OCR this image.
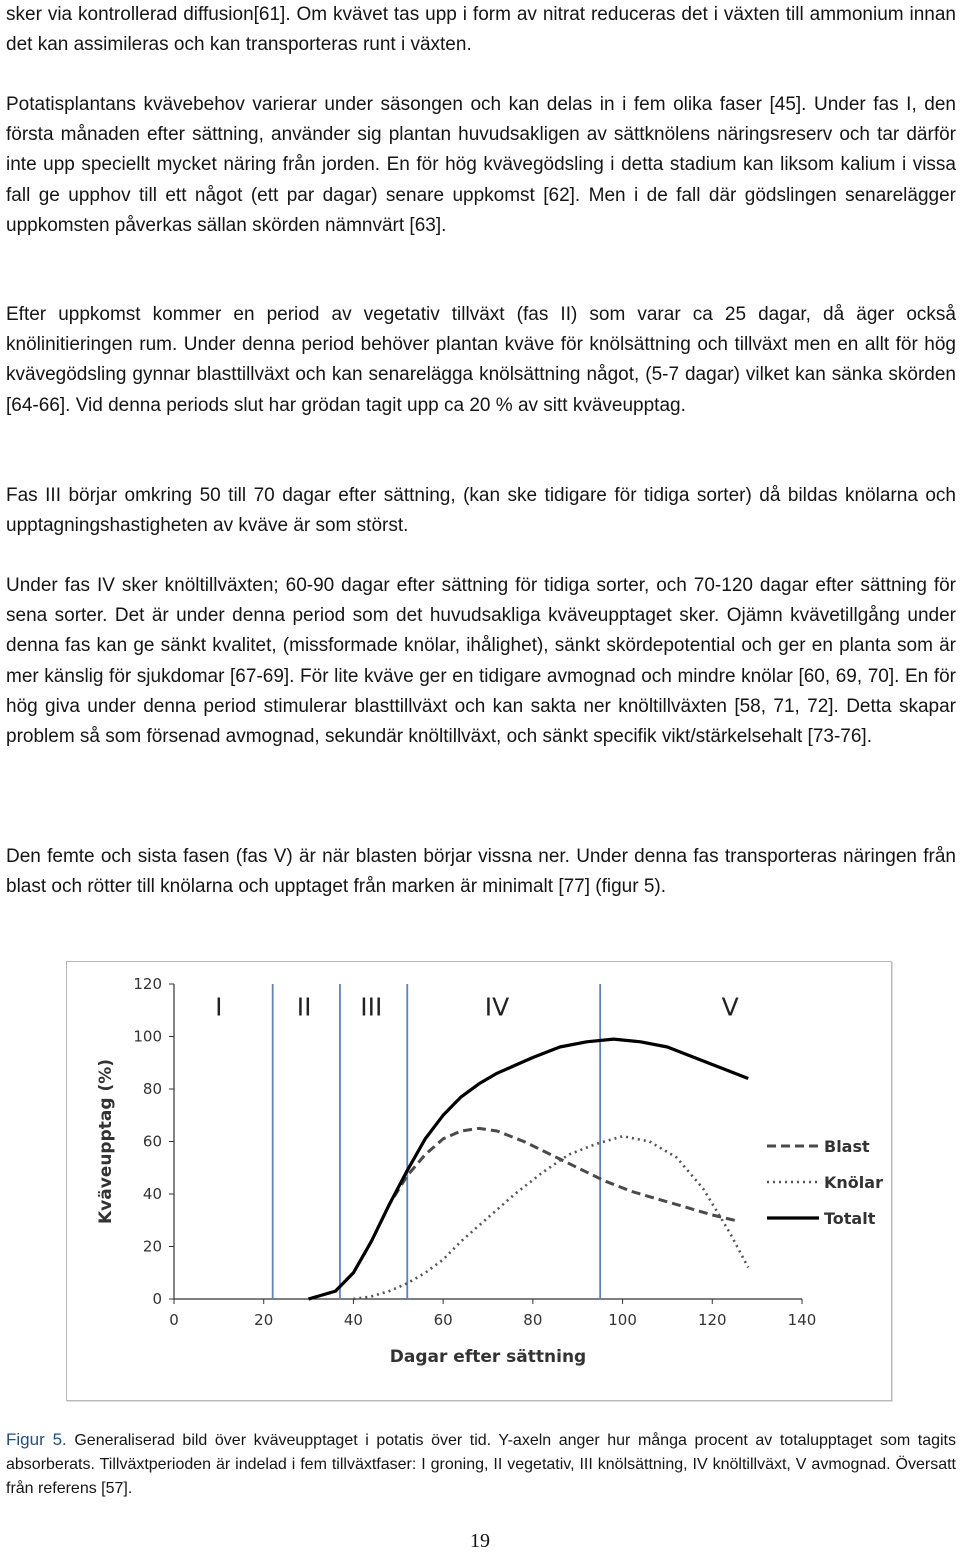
sker via kontrollerad diffusion[61]. Om kvävet tas upp i form av nitrat reduceras det i växten till ammonium innan det kan assimileras och kan transporteras runt i växten.

Potatisplantans kvävebehov varierar under säsongen och kan delas in i fem olika faser [45]. Under fas I, den första månaden efter sättning, använder sig plantan huvudsakligen av sättknölens näringsreserv och tar därför inte upp speciellt mycket näring från jorden. En för hög kvävegödsling i detta stadium kan liksom kalium i vissa fall ge upphov till ett något (ett par dagar) senare uppkomst [62]. Men i de fall där gödslingen senarelägger uppkomsten påverkas sällan skörden nämnvärt [63].

Efter uppkomst kommer en period av vegetativ tillväxt (fas II) som varar ca 25 dagar, då äger också knölinitieringen rum. Under denna period behöver plantan kväve för knölsättning och tillväxt men en allt för hög kvävegödsling gynnar blasttillväxt och kan senarelägga knölsättning något, (5-7 dagar) vilket kan sänka skörden [64-66]. Vid denna periods slut har grödan tagit upp ca 20 % av sitt kväveupptag.

Fas III börjar omkring 50 till 70 dagar efter sättning, (kan ske tidigare för tidiga sorter) då bildas knölarna och upptagningshastigheten av kväve är som störst.

Under fas IV sker knöltillväxten; 60-90 dagar efter sättning för tidiga sorter, och 70-120 dagar efter sättning för sena sorter. Det är under denna period som det huvudsakliga kväveupptaget sker. Ojämn kvävetillgång under denna fas kan ge sänkt kvalitet, (missformade knölar, ihålighet), sänkt skördepotential och ger en planta som är mer känslig för sjukdomar [67-69]. För lite kväve ger en tidigare avmognad och mindre knölar [60, 69, 70]. En för hög giva under denna period stimulerar blasttillväxt och kan sakta ner knöltillväxten [58, 71, 72]. Detta skapar problem så som försenad avmognad, sekundär knöltillväxt, och sänkt specifik vikt/stärkelsehalt [73-76].

Den femte och sista fasen (fas V) är när blasten börjar vissna ner. Under denna fas transporteras näringen från blast och rötter till knölarna och upptaget från marken är minimalt [77] (figur 5).

0
20
40
60
80
100
120
0	20	40	60	80	100	120	140
Dagar efter sättning
Kväveupptag (%)
I	II III	IV	V
Blast
Knölar
Totalt

Figur 5. Generaliserad bild över kväveupptaget i potatis över tid. Y-axeln anger hur många procent av totalupptaget som tagits absorberats. Tillväxtperioden är indelad i fem tillväxtfaser: I groning, II vegetativ, III knölsättning, IV knöltillväxt, V avmognad. Översatt från referens [57].

19
